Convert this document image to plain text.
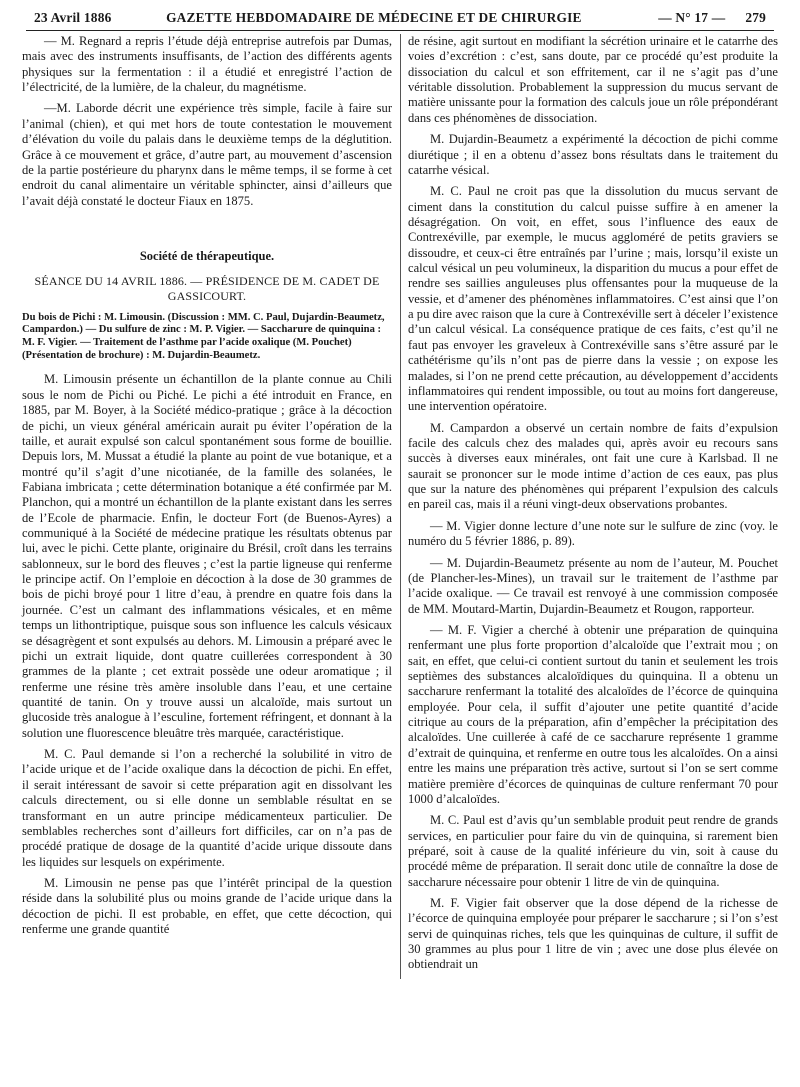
23 Avril 1886	GAZETTE HEBDOMADAIRE DE MÉDECINE ET DE CHIRURGIE	— N° 17 — 279

— M. Regnard a repris l’étude déjà entreprise autrefois par Dumas, mais avec des instruments insuffisants, de l’action des différents agents physiques sur la fermentation : il a étudié et enregistré l’action de l’électricité, de la lumière, de la chaleur, du magnétisme.

—M. Laborde décrit une expérience très simple, facile à faire sur l’animal (chien), et qui met hors de toute contestation le mouvement d’élévation du voile du palais dans le deuxième temps de la déglutition. Grâce à ce mouvement et grâce, d’autre part, au mouvement d’ascension de la partie postérieure du pharynx dans le même temps, il se forme à cet endroit du canal alimentaire un véritable sphincter, ainsi d’ailleurs que l’avait déjà constaté le docteur Fiaux en 1875.

Société de thérapeutique.

SÉANCE DU 14 AVRIL 1886. — PRÉSIDENCE DE M. CADET DE GASSICOURT.

Du bois de Pichi : M. Limousin. (Discussion : MM. C. Paul, Dujardin-Beaumetz, Campardon.) — Du sulfure de zinc : M. P. Vigier. — Saccharure de quinquina : M. F. Vigier. — Traitement de l’asthme par l’acide oxalique (M. Pouchet) (Présentation de brochure) : M. Dujardin-Beaumetz.

M. Limousin présente un échantillon de la plante connue au Chili sous le nom de Pichi ou Piché. Le pichi a été introduit en France, en 1885, par M. Boyer, à la Société médico-pratique ; grâce à la décoction de pichi, un vieux général américain aurait pu éviter l’opération de la taille, et aurait expulsé son calcul spontanément sous forme de bouillie. Depuis lors, M. Mussat a étudié la plante au point de vue botanique, et a montré qu’il s’agit d’une nicotianée, de la famille des solanées, le Fabiana imbricata ; cette détermination botanique a été confirmée par M. Planchon, qui a montré un échantillon de la plante existant dans les serres de l’Ecole de pharmacie. Enfin, le docteur Fort (de Buenos-Ayres) a communiqué à la Société de médecine pratique les résultats obtenus par lui, avec le pichi. Cette plante, originaire du Brésil, croît dans les terrains sablonneux, sur le bord des fleuves ; c’est la partie ligneuse qui renferme le principe actif. On l’emploie en décoction à la dose de 30 grammes de bois de pichi broyé pour 1 litre d’eau, à prendre en quatre fois dans la journée. C’est un calmant des inflammations vésicales, et en même temps un lithontriptique, puisque sous son influence les calculs vésicaux se désagrègent et sont expulsés au dehors. M. Limousin a préparé avec le pichi un extrait liquide, dont quatre cuillerées correspondent à 30 grammes de la plante ; cet extrait possède une odeur aromatique ; il renferme une résine très amère insoluble dans l’eau, et une certaine quantité de tanin. On y trouve aussi un alcaloïde, mais surtout un glucoside très analogue à l’esculine, fortement réfringent, et donnant à la solution une fluorescence bleuâtre très marquée, caractéristique.

M. C. Paul demande si l’on a recherché la solubilité in vitro de l’acide urique et de l’acide oxalique dans la décoction de pichi. En effet, il serait intéressant de savoir si cette préparation agit en dissolvant les calculs directement, ou si elle donne un semblable résultat en se transformant en un autre principe médicamenteux particulier. De semblables recherches sont d’ailleurs fort difficiles, car on n’a pas de procédé pratique de dosage de la quantité d’acide urique dissoute dans les liquides sur lesquels on expérimente.

M. Limousin ne pense pas que l’intérêt principal de la question réside dans la solubilité plus ou moins grande de l’acide urique dans la décoction de pichi. Il est probable, en effet, que cette décoction, qui renferme une grande quantité

de résine, agit surtout en modifiant la sécrétion urinaire et le catarrhe des voies d’excrétion : c’est, sans doute, par ce procédé qu’est produite la dissociation du calcul et son effritement, car il ne s’agit pas d’une véritable dissolution. Probablement la suppression du mucus servant de matière unissante pour la formation des calculs joue un rôle prépondérant dans ces phénomènes de dissociation.

M. Dujardin-Beaumetz a expérimenté la décoction de pichi comme diurétique ; il en a obtenu d’assez bons résultats dans le traitement du catarrhe vésical.

M. C. Paul ne croit pas que la dissolution du mucus servant de ciment dans la constitution du calcul puisse suffire à en amener la désagrégation. On voit, en effet, sous l’influence des eaux de Contrexéville, par exemple, le mucus aggloméré de petits graviers se dissoudre, et ceux-ci être entraînés par l’urine ; mais, lorsqu’il existe un calcul vésical un peu volumineux, la disparition du mucus a pour effet de rendre ses saillies anguleuses plus offensantes pour la muqueuse de la vessie, et d’amener des phénomènes inflammatoires. C’est ainsi que l’on a pu dire avec raison que la cure à Contrexéville sert à déceler l’existence d’un calcul vésical. La conséquence pratique de ces faits, c’est qu’il ne faut pas envoyer les graveleux à Contrexéville sans s’être assuré par le cathétérisme qu’ils n’ont pas de pierre dans la vessie ; on expose les malades, si l’on ne prend cette précaution, au développement d’accidents inflammatoires qui rendent impossible, ou tout au moins fort dangereuse, une intervention opératoire.

M. Campardon a observé un certain nombre de faits d’expulsion facile des calculs chez des malades qui, après avoir eu recours sans succès à diverses eaux minérales, ont fait une cure à Karlsbad. Il ne saurait se prononcer sur le mode intime d’action de ces eaux, pas plus que sur la nature des phénomènes qui préparent l’expulsion des calculs en pareil cas, mais il a réuni vingt-deux observations probantes.

— M. Vigier donne lecture d’une note sur le sulfure de zinc (voy. le numéro du 5 février 1886, p. 89).

— M. Dujardin-Beaumetz présente au nom de l’auteur, M. Pouchet (de Plancher-les-Mines), un travail sur le traitement de l’asthme par l’acide oxalique. — Ce travail est renvoyé à une commission composée de MM. Moutard-Martin, Dujardin-Beaumetz et Rougon, rapporteur.

— M. F. Vigier a cherché à obtenir une préparation de quinquina renfermant une plus forte proportion d’alcaloïde que l’extrait mou ; on sait, en effet, que celui-ci contient surtout du tanin et seulement les trois septièmes des substances alcaloïdiques du quinquina. Il a obtenu un saccharure renfermant la totalité des alcaloïdes de l’écorce de quinquina employée. Pour cela, il suffit d’ajouter une petite quantité d’acide citrique au cours de la préparation, afin d’empêcher la précipitation des alcaloïdes. Une cuillerée à café de ce saccharure représente 1 gramme d’extrait de quinquina, et renferme en outre tous les alcaloïdes. On a ainsi entre les mains une préparation très active, surtout si l’on se sert comme matière première d’écorces de quinquinas de culture renfermant 70 pour 1000 d’alcaloïdes.

M. C. Paul est d’avis qu’un semblable produit peut rendre de grands services, en particulier pour faire du vin de quinquina, si rarement bien préparé, soit à cause de la qualité inférieure du vin, soit à cause du procédé même de préparation. Il serait donc utile de connaître la dose de saccharure nécessaire pour obtenir 1 litre de vin de quinquina.

M. F. Vigier fait observer que la dose dépend de la richesse de l’écorce de quinquina employée pour préparer le saccharure ; si l’on s’est servi de quinquinas riches, tels que les quinquinas de culture, il suffit de 30 grammes au plus pour 1 litre de vin ; avec une dose plus élevée on obtiendrait un
